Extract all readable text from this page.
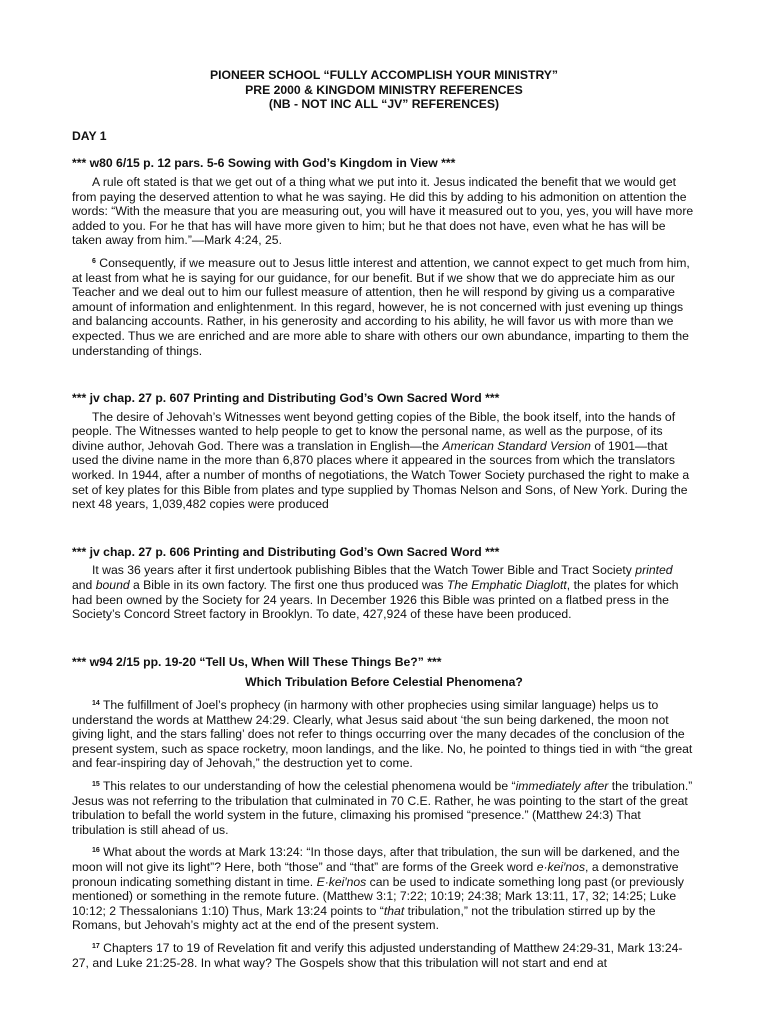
PIONEER SCHOOL “FULLY ACCOMPLISH YOUR MINISTRY”
PRE 2000 & KINGDOM MINISTRY REFERENCES
(NB - NOT INC ALL “JV” REFERENCES)
DAY 1
*** w80 6/15 p. 12 pars. 5-6 Sowing with God’s Kingdom in View ***

A rule oft stated is that we get out of a thing what we put into it. Jesus indicated the benefit that we would get from paying the deserved attention to what he was saying. He did this by adding to his admonition on attention the words: “With the measure that you are measuring out, you will have it measured out to you, yes, you will have more added to you. For he that has will have more given to him; but he that does not have, even what he has will be taken away from him.”—Mark 4:24, 25.

$^6$ Consequently, if we measure out to Jesus little interest and attention, we cannot expect to get much from him, at least from what he is saying for our guidance, for our benefit. But if we show that we do appreciate him as our Teacher and we deal out to him our fullest measure of attention, then he will respond by giving us a comparative amount of information and enlightenment. In this regard, however, he is not concerned with just evening up things and balancing accounts. Rather, in his generosity and according to his ability, he will favor us with more than we expected. Thus we are enriched and are more able to share with others our own abundance, imparting to them the understanding of things.

*** jv chap. 27 p. 607 Printing and Distributing God’s Own Sacred Word ***

The desire of Jehovah’s Witnesses went beyond getting copies of the Bible, the book itself, into the hands of people. The Witnesses wanted to help people to get to know the personal name, as well as the purpose, of its divine author, Jehovah God. There was a translation in English—the American Standard Version of 1901—that used the divine name in the more than 6,870 places where it appeared in the sources from which the translators worked. In 1944, after a number of months of negotiations, the Watch Tower Society purchased the right to make a set of key plates for this Bible from plates and type supplied by Thomas Nelson and Sons, of New York. During the next 48 years, 1,039,482 copies were produced

*** jv chap. 27 p. 606 Printing and Distributing God’s Own Sacred Word ***

It was 36 years after it first undertook publishing Bibles that the Watch Tower Bible and Tract Society printed and bound a Bible in its own factory. The first one thus produced was The Emphatic Diaglott, the plates for which had been owned by the Society for 24 years. In December 1926 this Bible was printed on a flatbed press in the Society’s Concord Street factory in Brooklyn. To date, 427,924 of these have been produced.

*** w94 2/15 pp. 19-20 “Tell Us, When Will These Things Be?” ***
Which Tribulation Before Celestial Phenomena?

$^{14}$ The fulfillment of Joel’s prophecy (in harmony with other prophecies using similar language) helps us to understand the words at Matthew 24:29. Clearly, what Jesus said about ‘the sun being darkened, the moon not giving light, and the stars falling’ does not refer to things occurring over the many decades of the conclusion of the present system, such as space rocketry, moon landings, and the like. No, he pointed to things tied in with “the great and fear-inspiring day of Jehovah,” the destruction yet to come.

$^{15}$ This relates to our understanding of how the celestial phenomena would be “immediately after the tribulation.” Jesus was not referring to the tribulation that culminated in 70 C.E. Rather, he was pointing to the start of the great tribulation to befall the world system in the future, climaxing his promised “presence.” (Matthew 24:3) That tribulation is still ahead of us.

$^{16}$ What about the words at Mark 13:24: “In those days, after that tribulation, the sun will be darkened, and the moon will not give its light”? Here, both “those” and “that” are forms of the Greek word e·kei′nos, a demonstrative pronoun indicating something distant in time. E·kei′nos can be used to indicate something long past (or previously mentioned) or something in the remote future. (Matthew 3:1; 7:22; 10:19; 24:38; Mark 13:11, 17, 32; 14:25; Luke 10:12; 2 Thessalonians 1:10) Thus, Mark 13:24 points to “that tribulation,” not the tribulation stirred up by the Romans, but Jehovah’s mighty act at the end of the present system.

$^{17}$ Chapters 17 to 19 of Revelation fit and verify this adjusted understanding of Matthew 24:29-31, Mark 13:24-27, and Luke 21:25-28. In what way? The Gospels show that this tribulation will not start and end at
